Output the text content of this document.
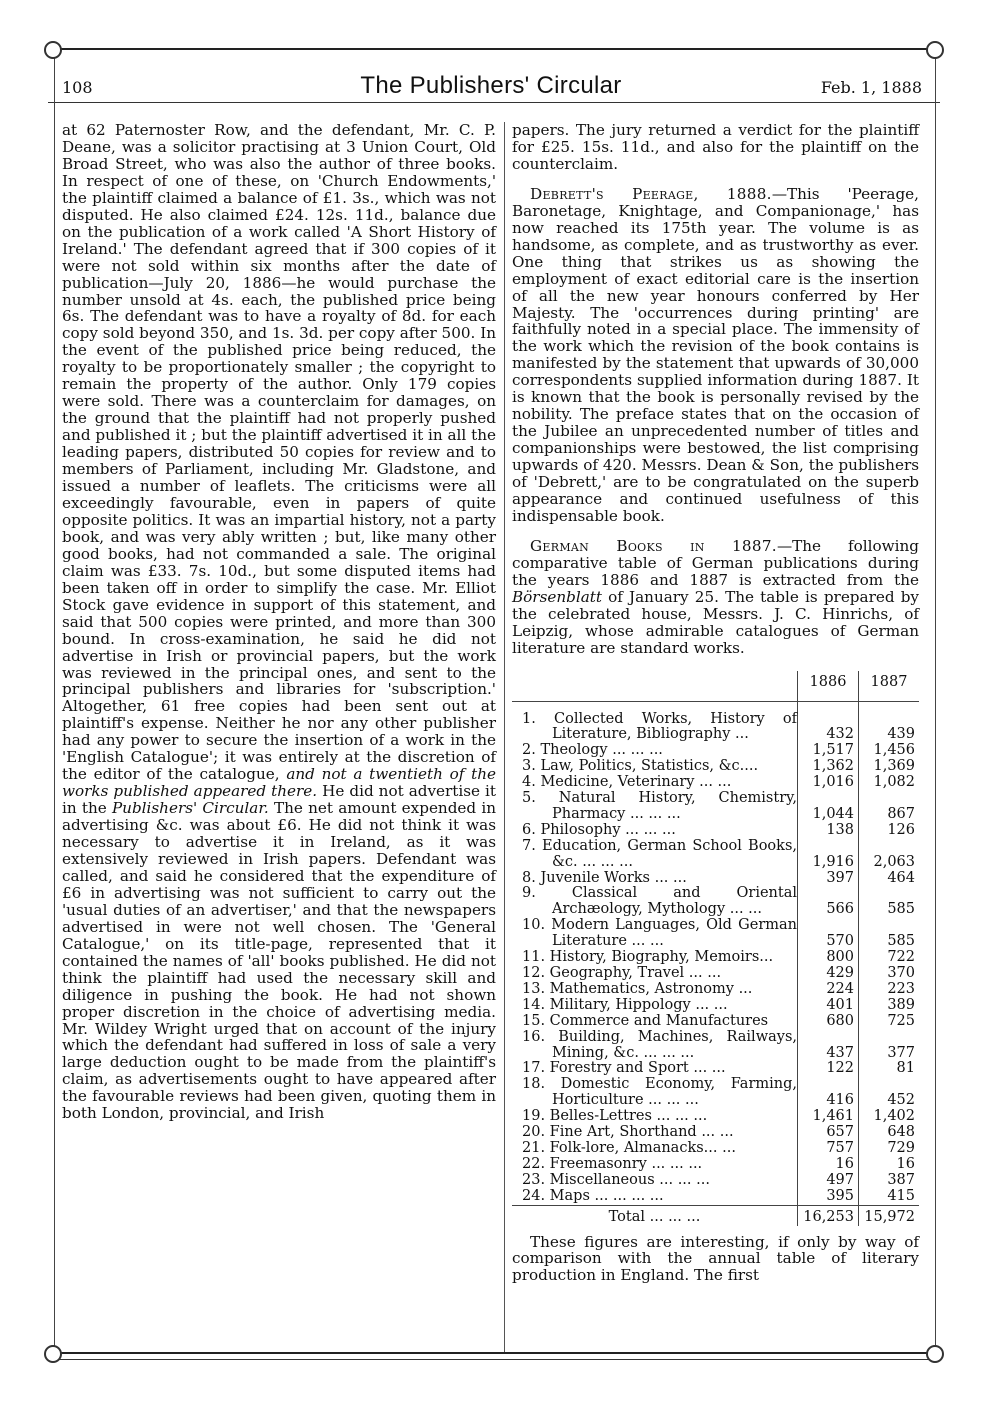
108	The Publishers' Circular	Feb. 1, 1888

at 62 Paternoster Row, and the defendant, Mr. C. P. Deane, was a solicitor practising at 3 Union Court, Old Broad Street, who was also the author of three books. In respect of one of these, on 'Church Endowments,' the plaintiff claimed a balance of £1. 3s., which was not disputed. He also claimed £24. 12s. 11d., balance due on the publication of a work called 'A Short History of Ireland.' The defendant agreed that if 300 copies of it were not sold within six months after the date of publication—July 20, 1886—he would purchase the number unsold at 4s. each, the published price being 6s. The defendant was to have a royalty of 8d. for each copy sold beyond 350, and 1s. 3d. per copy after 500. In the event of the published price being reduced, the royalty to be proportionately smaller ; the copyright to remain the property of the author. Only 179 copies were sold. There was a counterclaim for damages, on the ground that the plaintiff had not properly pushed and published it ; but the plaintiff advertised it in all the leading papers, distributed 50 copies for review and to members of Parliament, including Mr. Gladstone, and issued a number of leaflets. The criticisms were all exceedingly favourable, even in papers of quite opposite politics. It was an impartial history, not a party book, and was very ably written ; but, like many other good books, had not commanded a sale. The original claim was £33. 7s. 10d., but some disputed items had been taken off in order to simplify the case. Mr. Elliot Stock gave evidence in support of this statement, and said that 500 copies were printed, and more than 300 bound. In cross-examination, he said he did not advertise in Irish or provincial papers, but the work was reviewed in the principal ones, and sent to the principal publishers and libraries for 'subscription.' Altogether, 61 free copies had been sent out at plaintiff's expense. Neither he nor any other publisher had any power to secure the insertion of a work in the 'English Catalogue'; it was entirely at the discretion of the editor of the catalogue, and not a twentieth of the works published appeared there. He did not advertise it in the Publishers' Circular. The net amount expended in advertising &c. was about £6. He did not think it was necessary to advertise it in Ireland, as it was extensively reviewed in Irish papers. Defendant was called, and said he considered that the expenditure of £6 in advertising was not sufficient to carry out the 'usual duties of an advertiser,' and that the newspapers advertised in were not well chosen. The 'General Catalogue,' on its title-page, represented that it contained the names of 'all' books published. He did not think the plaintiff had used the necessary skill and diligence in pushing the book. He had not shown proper discretion in the choice of advertising media. Mr. Wildey Wright urged that on account of the injury which the defendant had suffered in loss of sale a very large deduction ought to be made from the plaintiff's claim, as advertisements ought to have appeared after the favourable reviews had been given, quoting them in both London, provincial, and Irish

papers. The jury returned a verdict for the plaintiff for £25. 15s. 11d., and also for the plaintiff on the counterclaim.

Debrett's Peerage, 1888.—This 'Peerage, Baronetage, Knightage, and Companionage,' has now reached its 175th year. The volume is as handsome, as complete, and as trustworthy as ever. One thing that strikes us as showing the employment of exact editorial care is the insertion of all the new year honours conferred by Her Majesty. The 'occurrences during printing' are faithfully noted in a special place. The immensity of the work which the revision of the book contains is manifested by the statement that upwards of 30,000 correspondents supplied information during 1887. It is known that the book is personally revised by the nobility. The preface states that on the occasion of the Jubilee an unprecedented number of titles and companionships were bestowed, the list comprising upwards of 420. Messrs. Dean & Son, the publishers of 'Debrett,' are to be congratulated on the superb appearance and continued usefulness of this indispensable book.

German Books in 1887.—The following comparative table of German publications during the years 1886 and 1887 is extracted from the Börsenblatt of January 25. The table is prepared by the celebrated house, Messrs. J. C. Hinrichs, of Leipzig, whose admirable catalogues of German literature are standard works.

	1886	1887
1. Collected Works, History of Literature, Bibliography ...	432	439
2. Theology ... ... ...	1,517	1,456
3. Law, Politics, Statistics, &c....	1,362	1,369
4. Medicine, Veterinary ... ...	1,016	1,082
5. Natural History, Chemistry, Pharmacy ... ... ...	1,044	867
6. Philosophy ... ... ...	138	126
7. Education, German School Books, &c. ... ... ...	1,916	2,063
8. Juvenile Works ... ...	397	464
9. Classical and Oriental Archæology, Mythology ... ...	566	585
10. Modern Languages, Old German Literature ... ...	570	585
11. History, Biography, Memoirs...	800	722
12. Geography, Travel ... ...	429	370
13. Mathematics, Astronomy ...	224	223
14. Military, Hippology ... ...	401	389
15. Commerce and Manufactures	680	725
16. Building, Machines, Railways, Mining, &c. ... ... ...	437	377
17. Forestry and Sport ... ...	122	81
18. Domestic Economy, Farming, Horticulture ... ... ...	416	452
19. Belles-Lettres ... ... ...	1,461	1,402
20. Fine Art, Shorthand ... ...	657	648
21. Folk-lore, Almanacks... ...	757	729
22. Freemasonry ... ... ...	16	16
23. Miscellaneous ... ... ...	497	387
24. Maps ... ... ... ...	395	415
Total ... ... ...	16,253	15,972

These figures are interesting, if only by way of comparison with the annual table of literary production in England. The first
